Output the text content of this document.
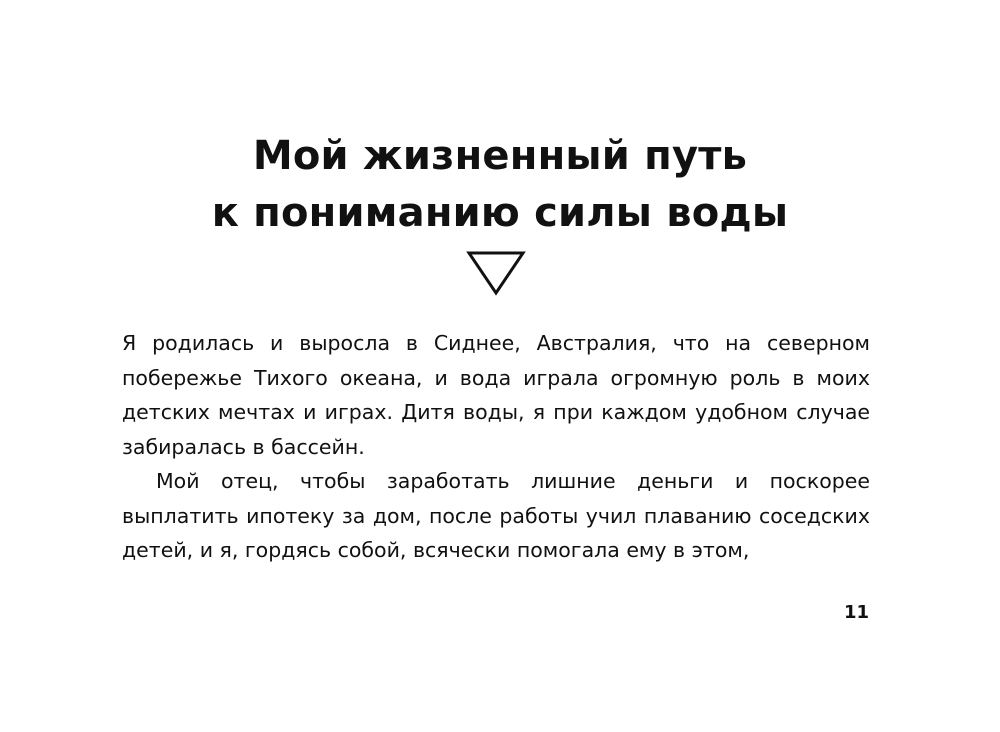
Мой жизненный путь
к пониманию силы воды

Я родилась и выросла в Сиднее, Австралия, что на северном побережье Тихого океана, и вода играла огромную роль в моих детских мечтах и играх. Дитя воды, я при каждом удобном случае забиралась в бассейн.

Мой отец, чтобы заработать лишние деньги и поскорее выплатить ипотеку за дом, после работы учил плаванию соседских детей, и я, гордясь собой, всячески помогала ему в этом,

11
